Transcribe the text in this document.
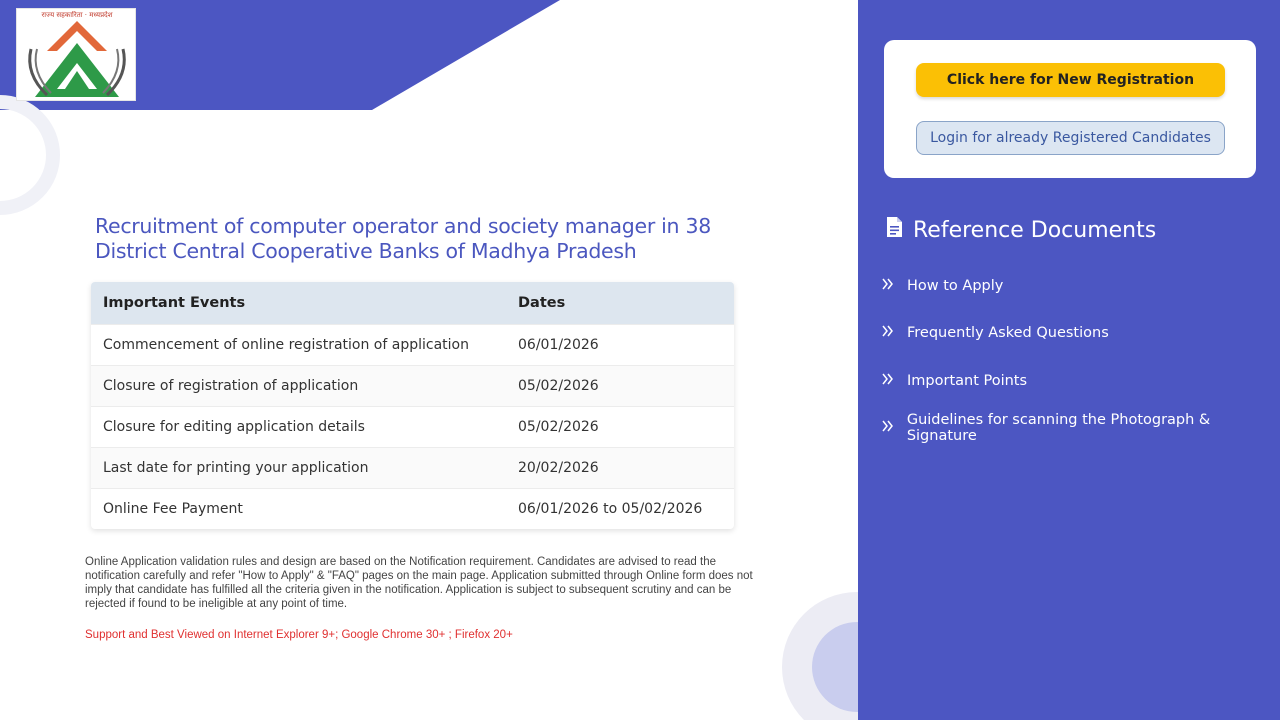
राज्य सहकारिता · मध्यप्रदेश
Recruitment of computer operator and society manager in 38 District Central Cooperative Banks of Madhya Pradesh
Important Events	Dates
Commencement of online registration of application	06/01/2026
Closure of registration of application	05/02/2026
Closure for editing application details	05/02/2026
Last date for printing your application	20/02/2026
Online Fee Payment	06/01/2026 to 05/02/2026

Online Application validation rules and design are based on the Notification requirement. Candidates are advised to read the notification carefully and refer "How to Apply" & "FAQ" pages on the main page. Application submitted through Online form does not imply that candidate has fulfilled all the criteria given in the notification. Application is subject to subsequent scrutiny and can be rejected if found to be ineligible at any point of time.

Support and Best Viewed on Internet Explorer 9+; Google Chrome 30+ ; Firefox 20+

Click here for New Registration
Login for already Registered Candidates
Reference Documents
How to Apply
Frequently Asked Questions
Important Points
Guidelines for scanning the Photograph & Signature
